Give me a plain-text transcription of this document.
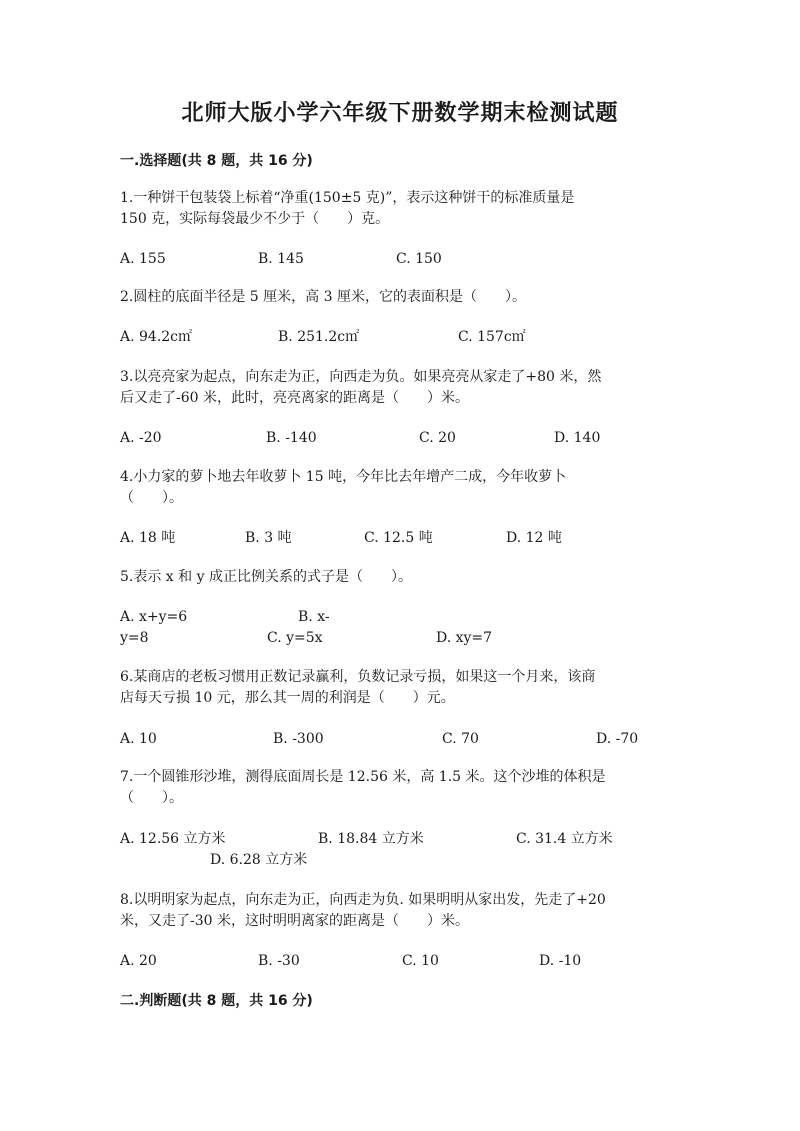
北师大版小学六年级下册数学期末检测试题
一.选择题(共 8 题，共 16 分)
1.一种饼干包装袋上标着“净重(150±5 克)”，表示这种饼干的标准质量是
150 克，实际每袋最少不少于（　　）克。
A. 155	B. 145	C. 150
2.圆柱的底面半径是 5 厘米，高 3 厘米，它的表面积是（　　）。
A. 94.2c㎡	B. 251.2c㎡	C. 157c㎡
3.以亮亮家为起点，向东走为正，向西走为负。如果亮亮从家走了+80 米，然
后又走了-60 米，此时，亮亮离家的距离是（　　）米。
A. -20	B. -140	C. 20	D. 140
4.小力家的萝卜地去年收萝卜 15 吨，今年比去年增产二成，今年收萝卜
（　　）。
A. 18 吨	B. 3 吨	C. 12.5 吨	D. 12 吨
5.表示 x 和 y 成正比例关系的式子是（　　）。
A. x+y=6	B. x-
y=8	C. y=5x	D. xy=7
6.某商店的老板习惯用正数记录赢利，负数记录亏损，如果这一个月来，该商
店每天亏损 10 元，那么其一周的利润是（　　）元。
A. 10	B. -300	C. 70	D. -70
7.一个圆锥形沙堆，测得底面周长是 12.56 米，高 1.5 米。这个沙堆的体积是
（　　）。
A. 12.56 立方米	B. 18.84 立方米	C. 31.4 立方米
D. 6.28 立方米
8.以明明家为起点，向东走为正，向西走为负. 如果明明从家出发，先走了+20
米，又走了-30 米，这时明明离家的距离是（　　）米。
A. 20	B. -30	C. 10	D. -10
二.判断题(共 8 题，共 16 分)
